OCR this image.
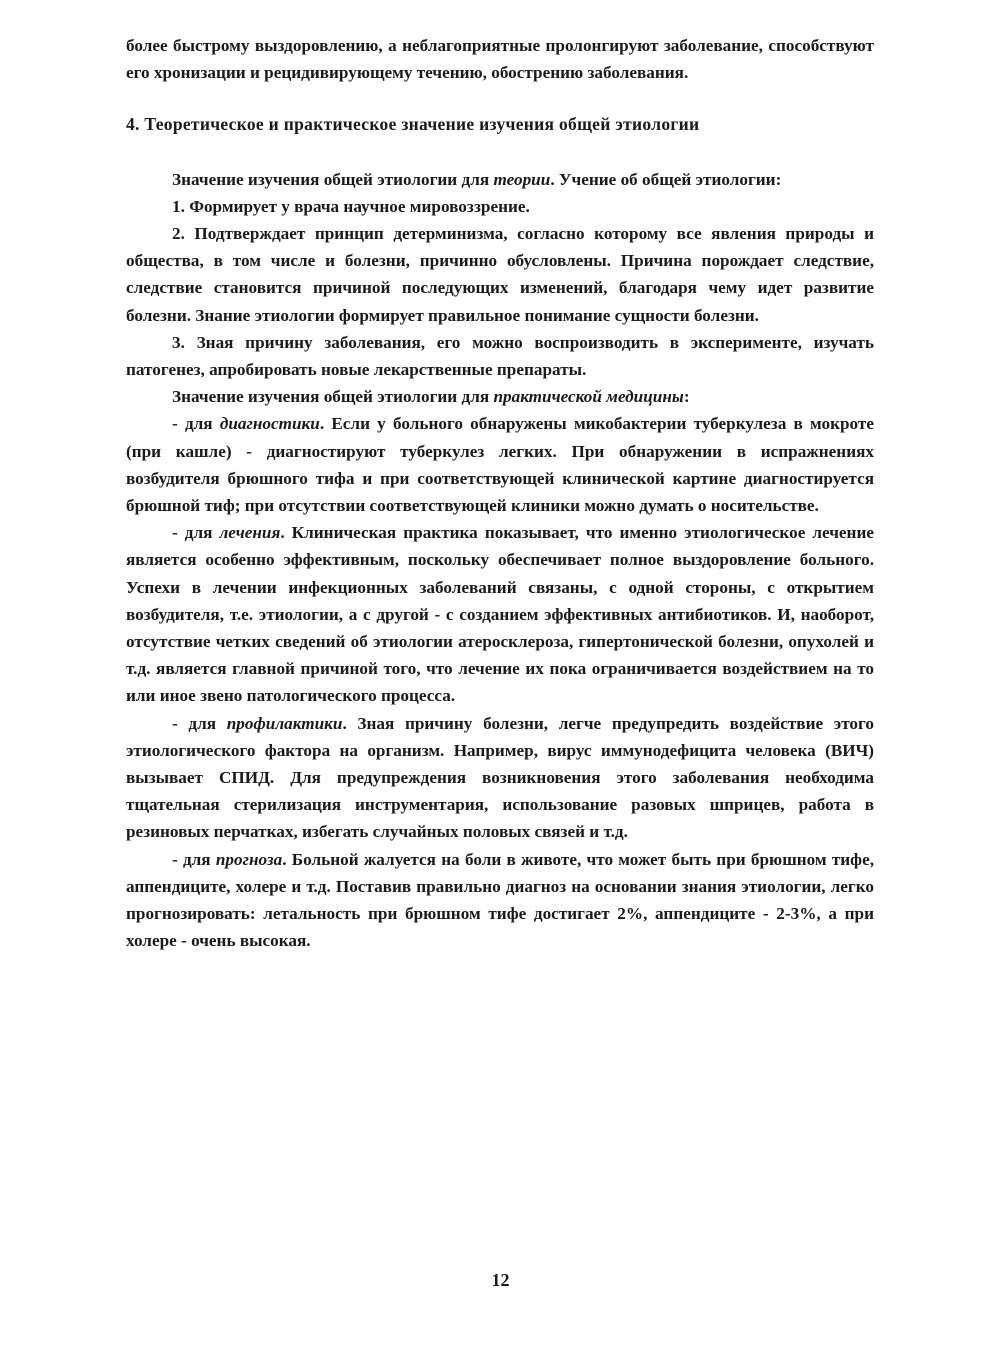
более быстрому выздоровлению, а неблагоприятные пролонгируют заболевание, способствуют его хронизации и рецидивирующему течению, обострению заболевания.

4. Теоретическое и практическое значение изучения общей этиологии

Значение изучения общей этиологии для теории. Учение об общей этиологии:

1. Формирует у врача научное мировоззрение.

2. Подтверждает принцип детерминизма, согласно которому все явления природы и общества, в том числе и болезни, причинно обусловлены. Причина порождает следствие, следствие становится причиной последующих изменений, благодаря чему идет развитие болезни. Знание этиологии формирует правильное понимание сущности болезни.

3. Зная причину заболевания, его можно воспроизводить в эксперименте, изучать патогенез, апробировать новые лекарственные препараты.

Значение изучения общей этиологии для практической медицины:

- для диагностики. Если у больного обнаружены микобактерии туберкулеза в мокроте (при кашле) - диагностируют туберкулез легких. При обнаружении в испражнениях возбудителя брюшного тифа и при соответствующей клинической картине диагностируется брюшной тиф; при отсутствии соответствующей клиники можно думать о носительстве.

- для лечения. Клиническая практика показывает, что именно этиологическое лечение является особенно эффективным, поскольку обеспечивает полное выздоровление больного. Успехи в лечении инфекционных заболеваний связаны, с одной стороны, с открытием возбудителя, т.е. этиологии, а с другой - с созданием эффективных антибиотиков. И, наоборот, отсутствие четких сведений об этиологии атеросклероза, гипертонической болезни, опухолей и т.д. является главной причиной того, что лечение их пока ограничивается воздействием на то или иное звено патологического процесса.

- для профилактики. Зная причину болезни, легче предупредить воздействие этого этиологического фактора на организм. Например, вирус иммунодефицита человека (ВИЧ) вызывает СПИД. Для предупреждения возникновения этого заболевания необходима тщательная стерилизация инструментария, использование разовых шприцев, работа в резиновых перчатках, избегать случайных половых связей и т.д.

- для прогноза. Больной жалуется на боли в животе, что может быть при брюшном тифе, аппендиците, холере и т.д. Поставив правильно диагноз на основании знания этиологии, легко прогнозировать: летальность при брюшном тифе достигает 2%, аппендиците - 2-3%, а при холере - очень высокая.

12
